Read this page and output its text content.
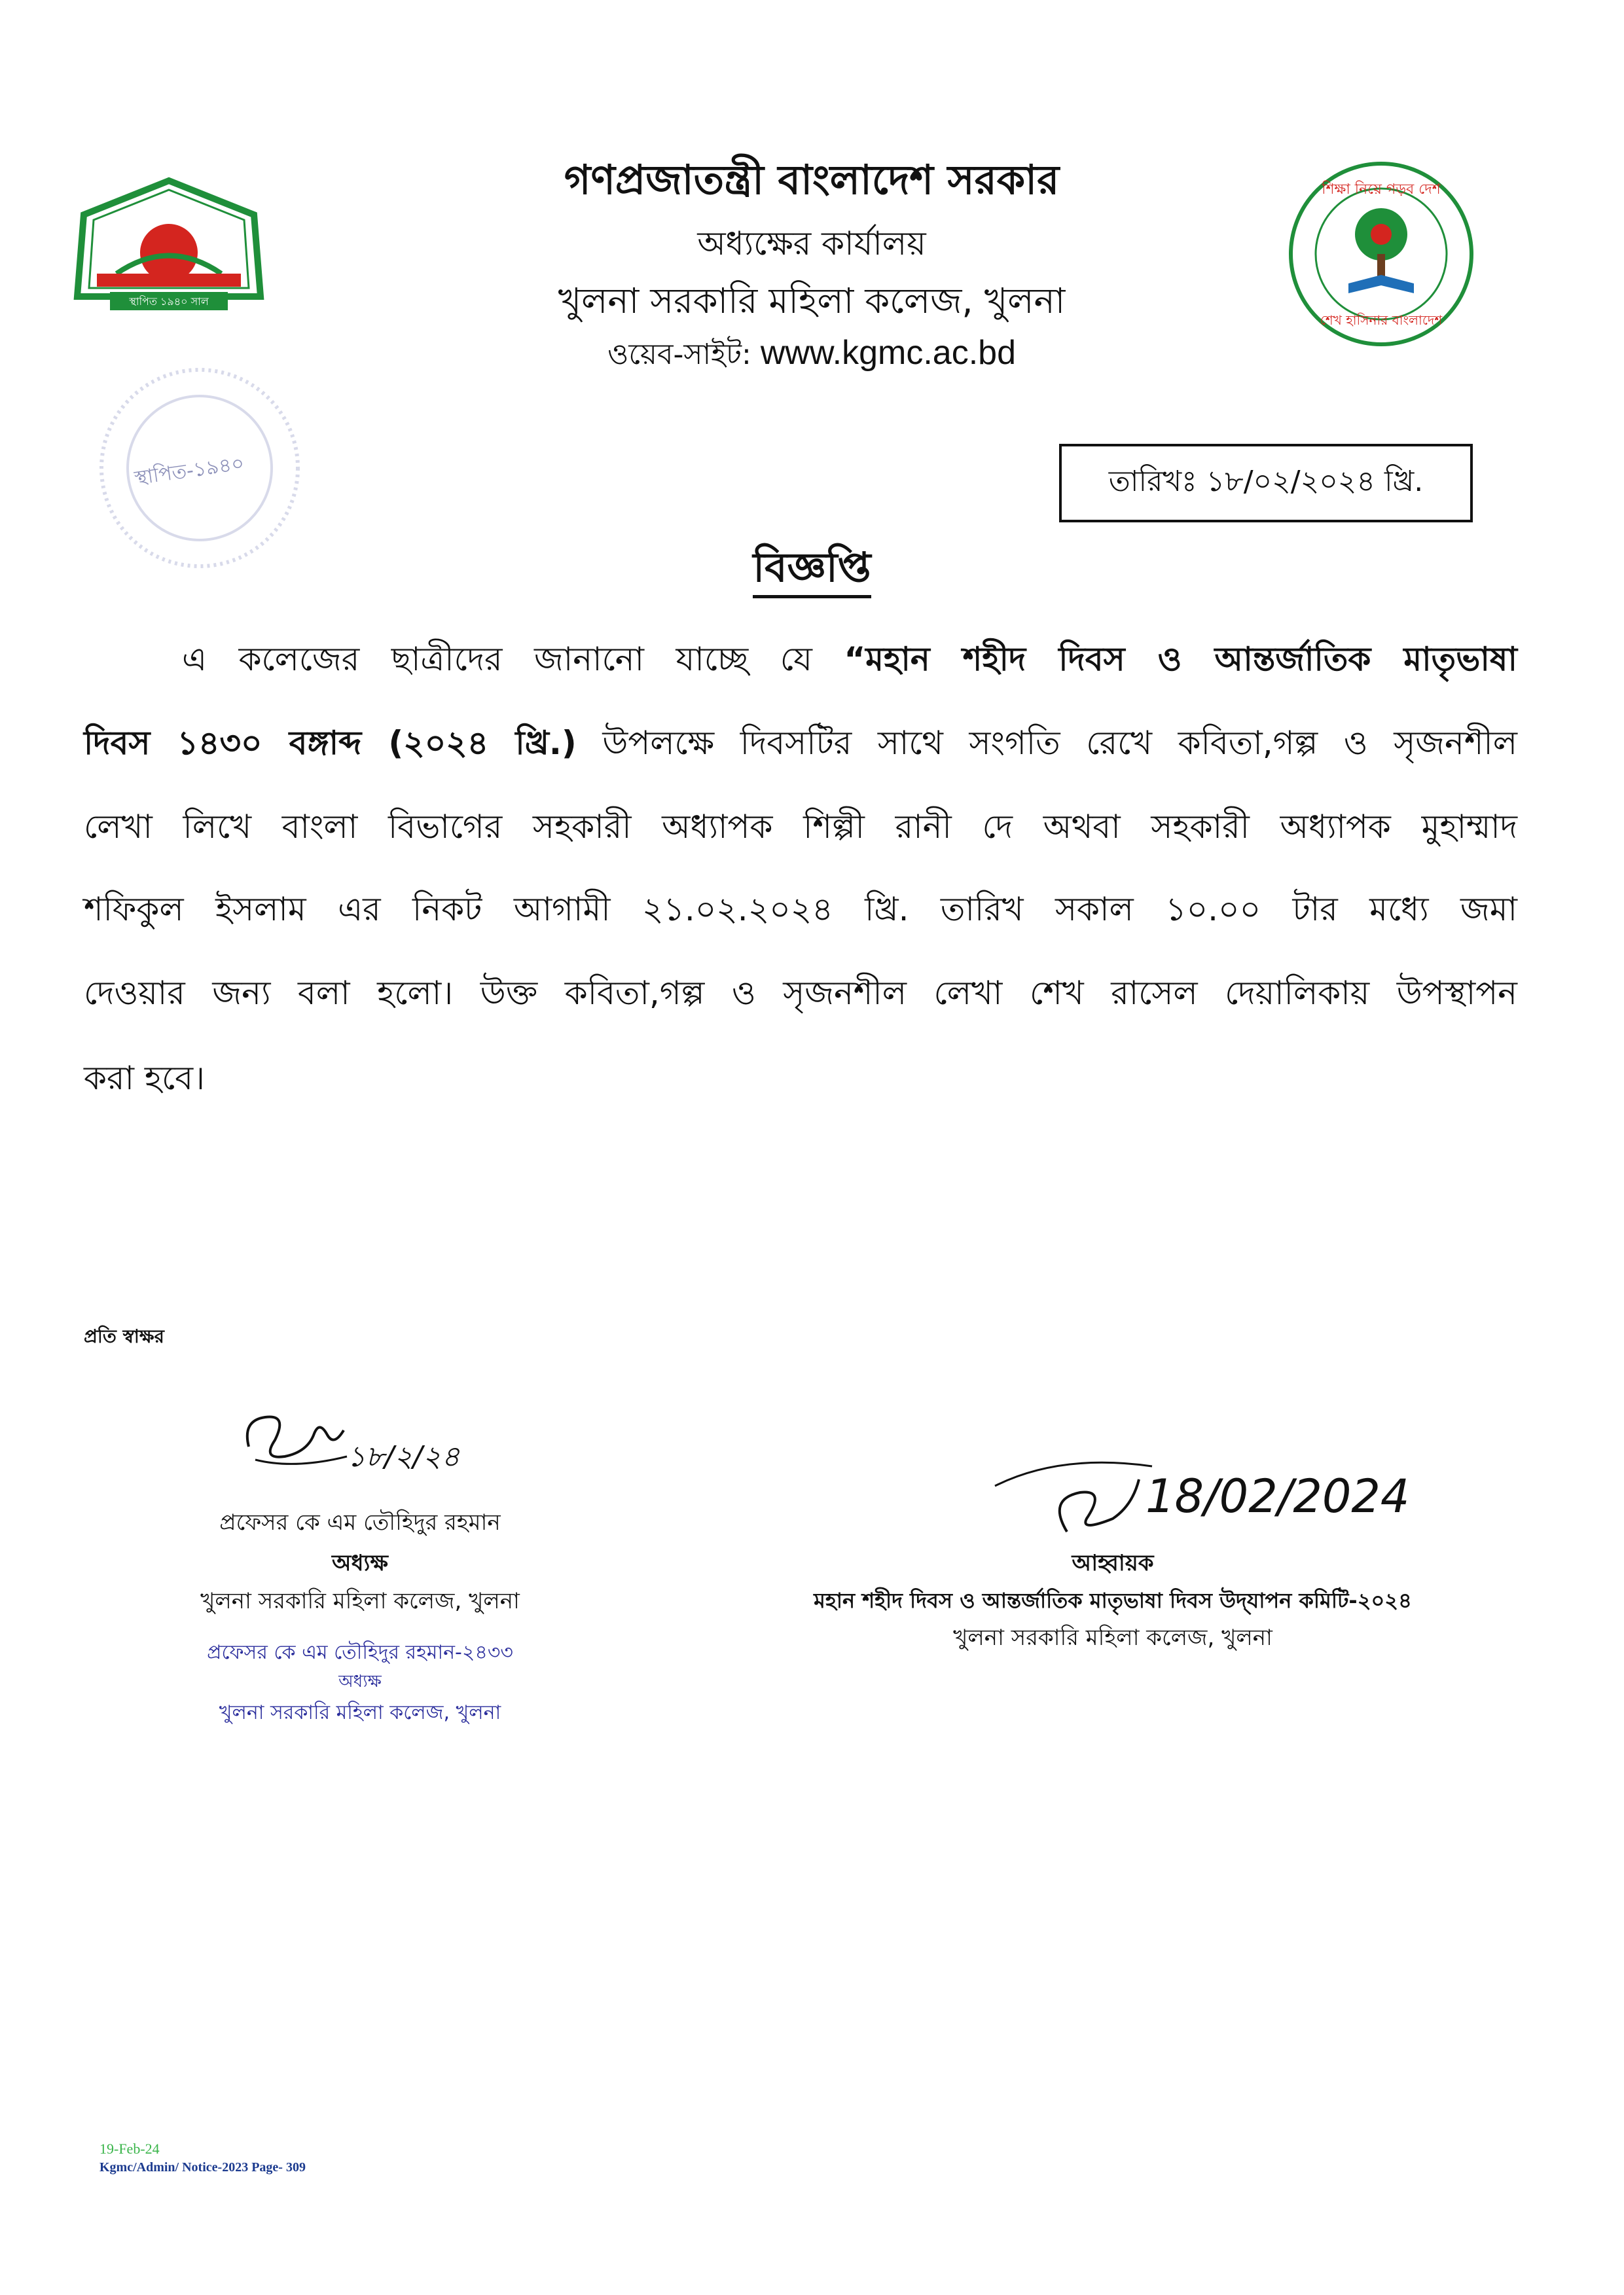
স্থাপিত ১৯৪০ সাল
শিক্ষা নিয়ে গড়ব দেশ
শেখ হাসিনার বাংলাদেশ
স্থাপিত-১৯৪০
গণপ্রজাতন্ত্রী বাংলাদেশ সরকার
অধ্যক্ষের কার্যালয়
খুলনা সরকারি মহিলা কলেজ, খুলনা
ওয়েব-সাইট: www.kgmc.ac.bd
তারিখঃ ১৮/০২/২০২৪ খ্রি.
বিজ্ঞপ্তি
এ কলেজের ছাত্রীদের জানানো যাচ্ছে যে “মহান শহীদ দিবস ও আন্তর্জাতিক মাতৃভাষা
দিবস ১৪৩০ বঙ্গাব্দ (২০২৪ খ্রি.) উপলক্ষে দিবসটির সাথে সংগতি রেখে কবিতা,গল্প ও সৃজনশীল
লেখা লিখে বাংলা বিভাগের সহকারী অধ্যাপক শিল্পী রানী দে অথবা সহকারী অধ্যাপক মুহাম্মাদ
শফিকুল ইসলাম এর নিকট আগামী ২১.০২.২০২৪ খ্রি. তারিখ সকাল ১০.০০ টার মধ্যে জমা
দেওয়ার জন্য বলা হলো। উক্ত কবিতা,গল্প ও সৃজনশীল লেখা শেখ রাসেল দেয়ালিকায় উপস্থাপন
করা হবে।
প্রতি স্বাক্ষর
১৮/২/২৪
প্রফেসর কে এম তৌহিদুর রহমান
অধ্যক্ষ
খুলনা সরকারি মহিলা কলেজ, খুলনা
প্রফেসর কে এম তৌহিদুর রহমান-২৪৩৩
অধ্যক্ষ
খুলনা সরকারি মহিলা কলেজ, খুলনা
18/02/2024
আহ্বায়ক
মহান শহীদ দিবস ও আন্তর্জাতিক মাতৃভাষা দিবস উদ্‌যাপন কমিটি-২০২৪
খুলনা সরকারি মহিলা কলেজ, খুলনা
19-Feb-24
Kgmc/Admin/ Notice-2023 Page- 309
